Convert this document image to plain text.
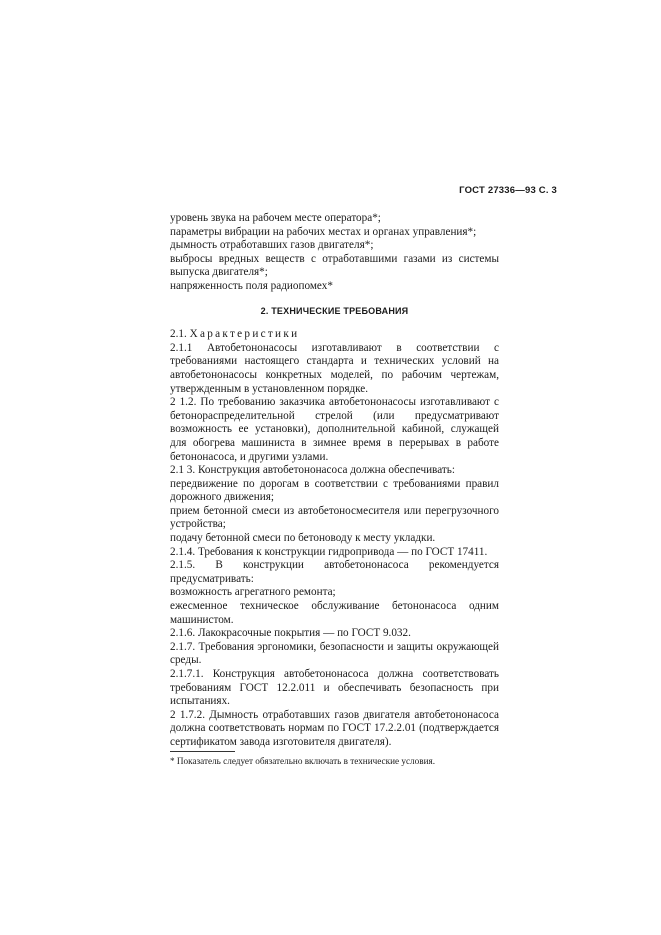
ГОСТ 27336—93 С. 3

уровень звука на рабочем месте оператора*;

параметры вибрации на рабочих местах и органах управления*;

дымность отработавших газов двигателя*;

выбросы вредных веществ с отработавшими газами из системы выпуска двигателя*;

напряженность поля радиопомех*

2. ТЕХНИЧЕСКИЕ ТРЕБОВАНИЯ

2.1. Характеристики

2.1.1 Автобетононасосы изготавливают в соответствии с требованиями настоящего стандарта и технических условий на автобетононасосы конкретных моделей, по рабочим чертежам, утвержденным в установленном порядке.

2 1.2. По требованию заказчика автобетононасосы изготавливают с бетонораспределительной стрелой (или предусматривают возможность ее установки), дополнительной кабиной, служащей для обогрева машиниста в зимнее время в перерывах в работе бетононасоса, и другими узлами.

2.1 3. Конструкция автобетононасоса должна обеспечивать:

передвижение по дорогам в соответствии с требованиями правил дорожного движения;

прием бетонной смеси из автобетоносмесителя или перегрузочного устройства;

подачу бетонной смеси по бетоноводу к месту укладки.

2.1.4. Требования к конструкции гидропривода — по ГОСТ 17411.

2.1.5. В конструкции автобетононасоса рекомендуется предусматривать:

возможность агрегатного ремонта;

ежесменное техническое обслуживание бетононасоса одним машинистом.

2.1.6. Лакокрасочные покрытия — по ГОСТ 9.032.

2.1.7. Требования эргономики, безопасности и защиты окружающей среды.

2.1.7.1. Конструкция автобетононасоса должна соответствовать требованиям ГОСТ 12.2.011 и обеспечивать безопасность при испытаниях.

2 1.7.2. Дымность отработавших газов двигателя автобетононасоса должна соответствовать нормам по ГОСТ 17.2.2.01 (подтверждается сертификатом завода изготовителя двигателя).

* Показатель следует обязательно включать в технические условия.
